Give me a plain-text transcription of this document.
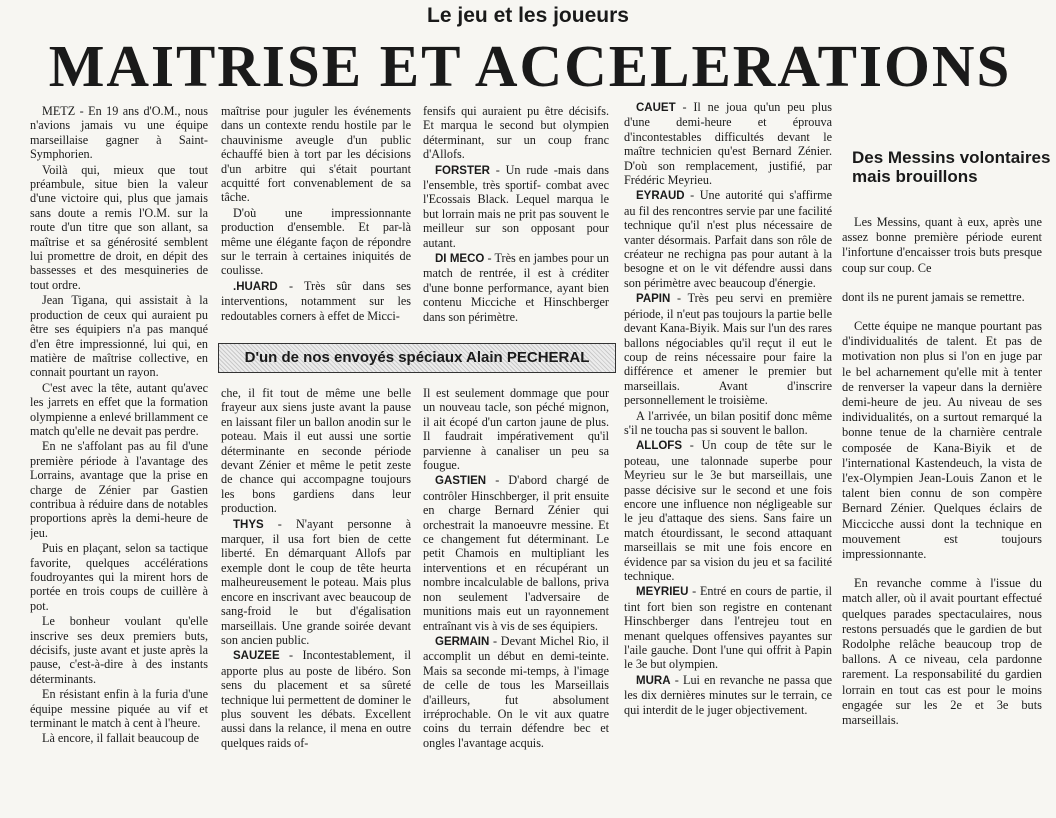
Le jeu et les joueurs
MAITRISE ET ACCELERATIONS

METZ - En 19 ans d'O.M., nous n'avions jamais vu une équipe marseillaise gagner à Saint-Symphorien.

Voilà qui, mieux que tout préambule, situe bien la valeur d'une victoire qui, plus que jamais sans doute a remis l'O.M. sur la route d'un titre que son allant, sa maîtrise et sa générosité semblent lui promettre de droit, en dépit des bassesses et des mesquineries de tout ordre.

Jean Tigana, qui assistait à la production de ceux qui auraient pu être ses équipiers n'a pas manqué d'en être impressionné, lui qui, en matière de maîtrise collective, en connait pourtant un rayon.

C'est avec la tête, autant qu'avec les jarrets en effet que la formation olympienne a enlevé brillamment ce match qu'elle ne devait pas perdre.

En ne s'affolant pas au fil d'une première période à l'avantage des Lorrains, avantage que la prise en charge de Zénier par Gastien contribua à réduire dans de notables proportions après la demi-heure de jeu.

Puis en plaçant, selon sa tactique favorite, quelques accélérations foudroyantes qui la mirent hors de portée en trois coups de cuillère à pot.

Le bonheur voulant qu'elle inscrive ses deux premiers buts, décisifs, juste avant et juste après la pause, c'est-à-dire à des instants déterminants.

En résistant enfin à la furia d'une équipe messine piquée au vif et terminant le match à cent à l'heure.

Là encore, il fallait beaucoup de

maîtrise pour juguler les événements dans un contexte rendu hostile par le chauvinisme aveugle d'un public échauffé bien à tort par les décisions d'un arbitre qui s'était pourtant acquitté fort convenablement de sa tâche.

D'où une impressionnante production d'ensemble. Et par-là même une élégante façon de répondre sur le terrain à certaines iniquités de coulisse.

.HUARD - Très sûr dans ses interventions, notamment sur les redoutables corners à effet de Micci-

fensifs qui auraient pu être décisifs. Et marqua le second but olympien déterminant, sur un coup franc d'Allofs.

FORSTER - Un rude -mais dans l'ensemble, très sportif- combat avec l'Ecossais Black. Lequel marqua le but lorrain mais ne prit pas souvent le meilleur sur son opposant pour autant.

DI MECO - Très en jambes pour un match de rentrée, il est à créditer d'une bonne performance, ayant bien contenu Micciche et Hinschberger dans son périmètre.

D'un de nos envoyés spéciaux Alain PECHERAL

che, il fit tout de même une belle frayeur aux siens juste avant la pause en laissant filer un ballon anodin sur le poteau. Mais il eut aussi une sortie déterminante en seconde période devant Zénier et même le petit zeste de chance qui accompagne toujours les bons gardiens dans leur production.

THYS - N'ayant personne à marquer, il usa fort bien de cette liberté. En démarquant Allofs par exemple dont le coup de tête heurta malheureusement le poteau. Mais plus encore en inscrivant avec beaucoup de sang-froid le but d'égalisation marseillais. Une grande soirée devant son ancien public.

SAUZEE - Incontestablement, il apporte plus au poste de libéro. Son sens du placement et sa sûreté technique lui permettent de dominer le plus souvent les débats. Excellent aussi dans la relance, il mena en outre quelques raids of-

Il est seulement dommage que pour un nouveau tacle, son péché mignon, il ait écopé d'un carton jaune de plus. Il faudrait impérativement qu'il parvienne à canaliser un peu sa fougue.

GASTIEN - D'abord chargé de contrôler Hinschberger, il prit ensuite en charge Bernard Zénier qui orchestrait la manoeuvre messine. Et ce changement fut déterminant. Le petit Chamois en multipliant les interventions et en récupérant un nombre incalculable de ballons, priva non seulement l'adversaire de munitions mais eut un rayonnement entraînant vis à vis de ses équipiers.

GERMAIN - Devant Michel Rio, il accomplit un début en demi-teinte. Mais sa seconde mi-temps, à l'image de celle de tous les Marseillais d'ailleurs, fut absolument irréprochable. On le vit aux quatre coins du terrain défendre bec et ongles l'avantage acquis.

CAUET - Il ne joua qu'un peu plus d'une demi-heure et éprouva d'incontestables difficultés devant le maître technicien qu'est Bernard Zénier. D'où son remplacement, justifié, par Frédéric Meyrieu.

EYRAUD - Une autorité qui s'affirme au fil des rencontres servie par une facilité technique qu'il n'est plus nécessaire de vanter désormais. Parfait dans son rôle de créateur ne rechigna pas pour autant à la besogne et on le vit défendre aussi dans son périmètre avec beaucoup d'énergie.

PAPIN - Très peu servi en première période, il n'eut pas toujours la partie belle devant Kana-Biyik. Mais sur l'un des rares ballons négociables qu'il reçut il eut le coup de reins nécessaire pour faire la différence et amener le premier but marseillais. Avant d'inscrire personnellement le troisième.

A l'arrivée, un bilan positif donc même s'il ne toucha pas si souvent le ballon.

ALLOFS - Un coup de tête sur le poteau, une talonnade superbe pour Meyrieu sur le 3e but marseillais, une passe décisive sur le second et une fois encore une influence non négligeable sur le jeu d'attaque des siens. Sans faire un match étourdissant, le second attaquant marseillais se mit une fois encore en évidence par sa vision du jeu et sa facilité technique.

MEYRIEU - Entré en cours de partie, il tint fort bien son registre en contenant Hinschberger dans l'entrejeu tout en menant quelques offensives payantes sur l'aile gauche. Dont l'une qui offrit à Papin le 3e but olympien.

MURA - Lui en revanche ne passa que les dix dernières minutes sur le terrain, ce qui interdit de le juger objectivement.

Des Messins volontaires mais brouillons

Les Messins, quant à eux, après une assez bonne première période eurent l'infortune d'encaisser trois buts presque coup sur coup. Ce

dont ils ne purent jamais se remettre.

Cette équipe ne manque pourtant pas d'individualités de talent. Et pas de motivation non plus si l'on en juge par le bel acharnement qu'elle mit à tenter de renverser la vapeur dans la dernière demi-heure de jeu. Au niveau de ses individualités, on a surtout remarqué la bonne tenue de la charnière centrale composée de Kana-Biyik et de l'international Kastendeuch, la vista de l'ex-Olympien Jean-Louis Zanon et le talent bien connu de son compère Bernard Zénier. Quelques éclairs de Miccicche aussi dont la technique en mouvement est toujours impressionnante.

En revanche comme à l'issue du match aller, où il avait pourtant effectué quelques parades spectaculaires, nous restons persuadés que le gardien de but Rodolphe relâche beaucoup trop de ballons. A ce niveau, cela pardonne rarement. La responsabilité du gardien lorrain en tout cas est pour le moins engagée sur les 2e et 3e buts marseillais.
